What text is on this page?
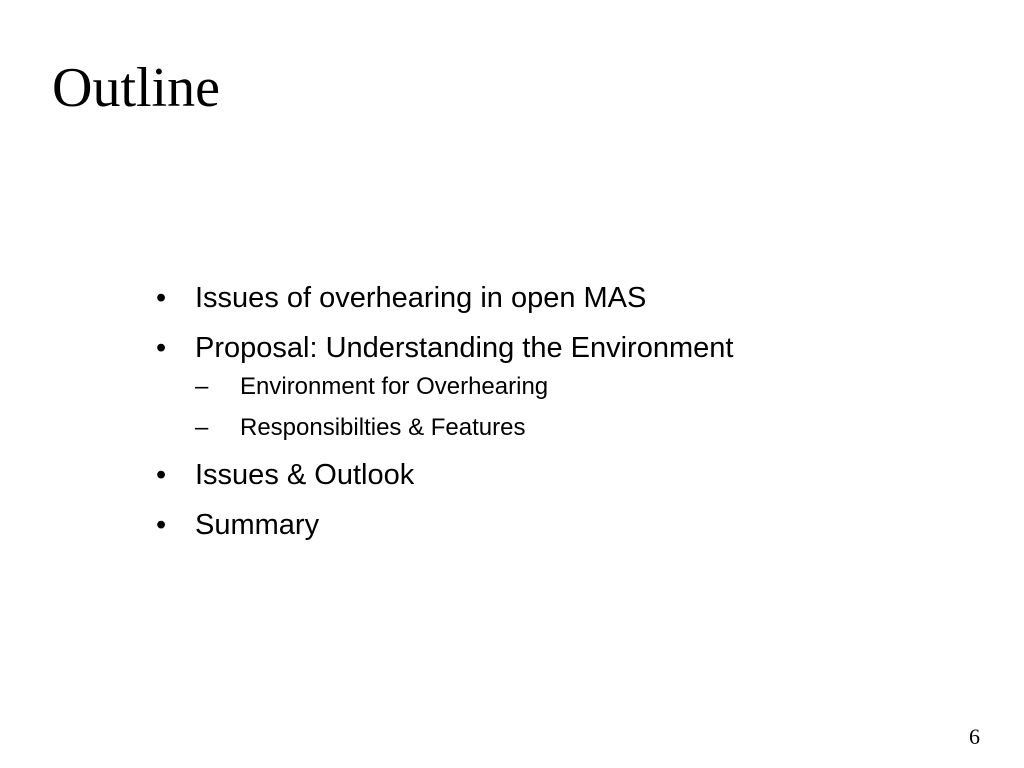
Outline
• Issues of overhearing in open MAS
• Proposal: Understanding the Environment
– Environment for Overhearing
– Responsibilties & Features
• Issues & Outlook
• Summary
6
